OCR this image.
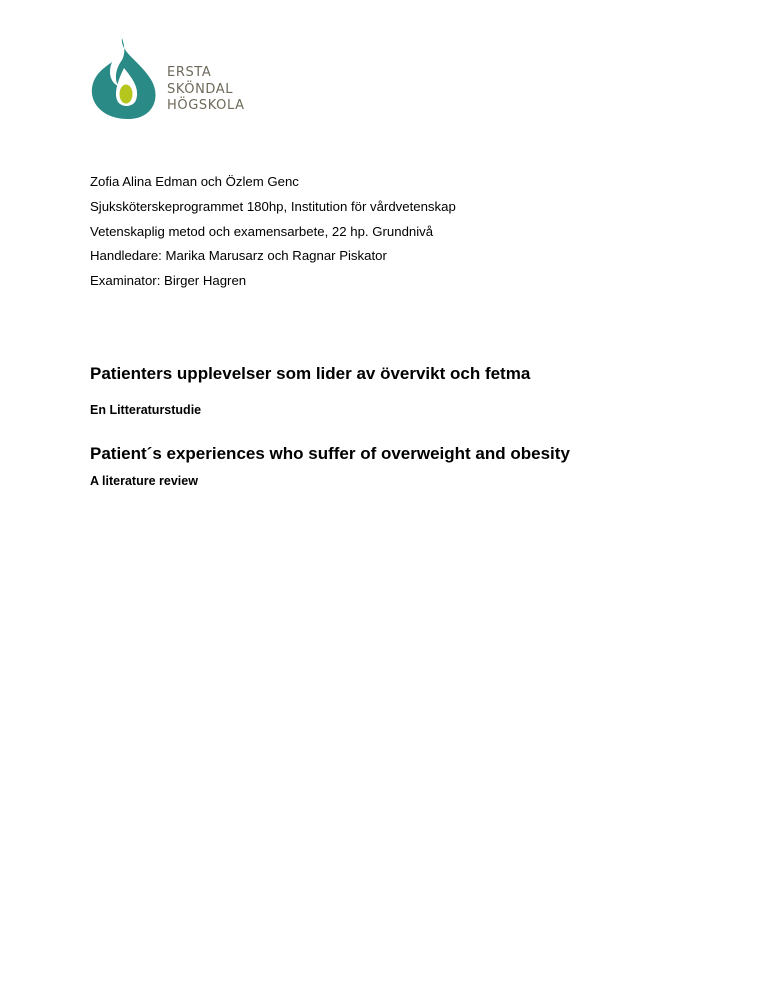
ERSTA
SKÖNDAL
HÖGSKOLA
Zofia Alina Edman och Özlem Genc
Sjuksköterskeprogrammet 180hp, Institution för vårdvetenskap
Vetenskaplig metod och examensarbete, 22 hp. Grundnivå
Handledare: Marika Marusarz och Ragnar Piskator
Examinator: Birger Hagren
Patienters upplevelser som lider av övervikt och fetma
En Litteraturstudie
Patient´s experiences who suffer of overweight and obesity
A literature review
